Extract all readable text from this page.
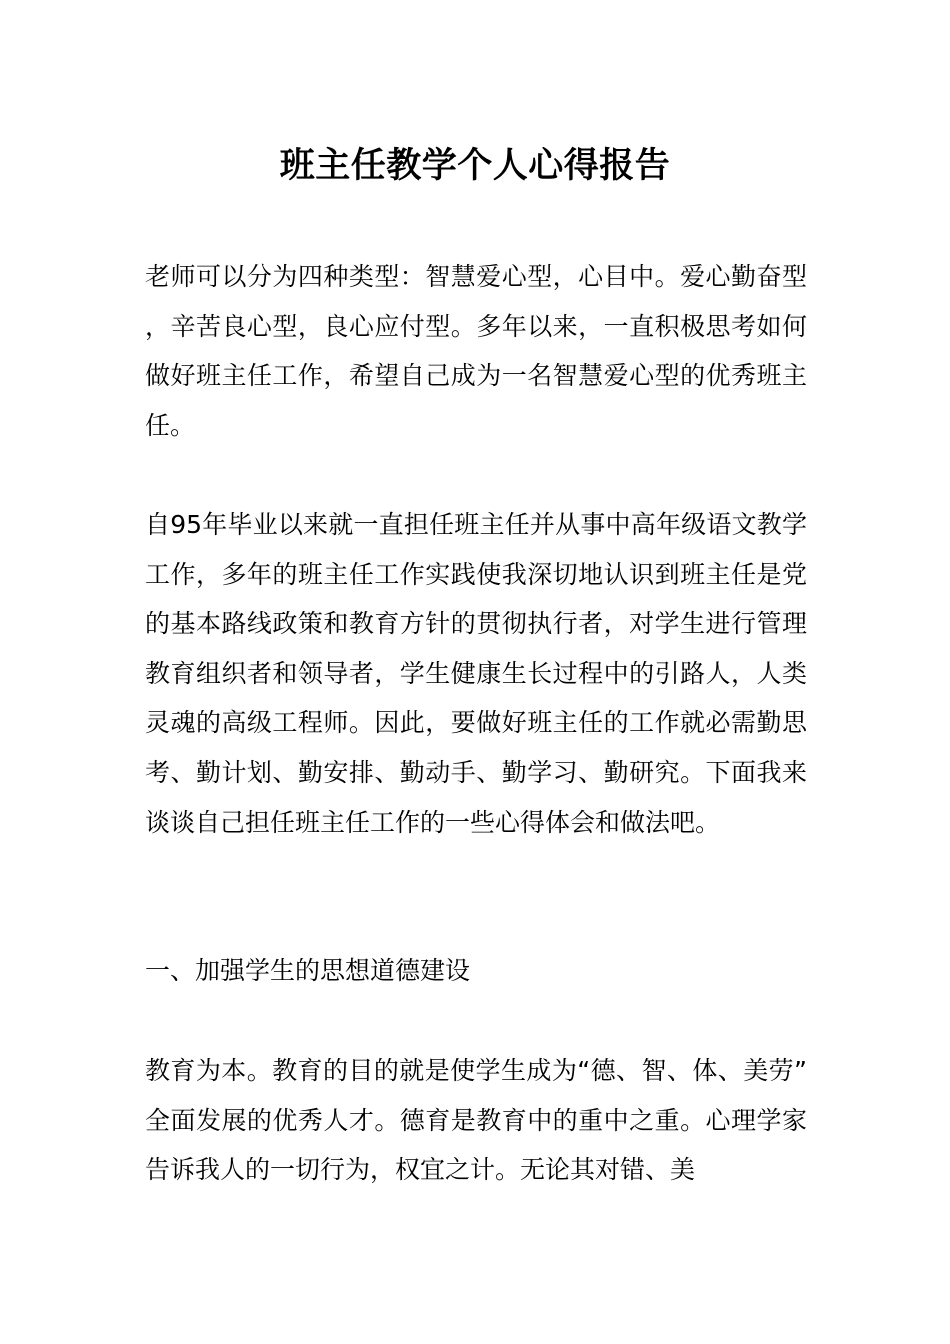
班主任教学个人心得报告

老师可以分为四种类型：智慧爱心型，心目中。爱心勤奋型，辛苦良心型，良心应付型。多年以来，一直积极思考如何做好班主任工作，希望自己成为一名智慧爱心型的优秀班主任。

自95年毕业以来就一直担任班主任并从事中高年级语文教学工作，多年的班主任工作实践使我深切地认识到班主任是党的基本路线政策和教育方针的贯彻执行者，对学生进行管理教育组织者和领导者，学生健康生长过程中的引路人，人类灵魂的高级工程师。因此，要做好班主任的工作就必需勤思考、勤计划、勤安排、勤动手、勤学习、勤研究。下面我来谈谈自己担任班主任工作的一些心得体会和做法吧。

一、加强学生的思想道德建设

教育为本。教育的目的就是使学生成为“德、智、体、美劳”全面发展的优秀人才。德育是教育中的重中之重。心理学家告诉我人的一切行为，权宜之计。无论其对错、美
